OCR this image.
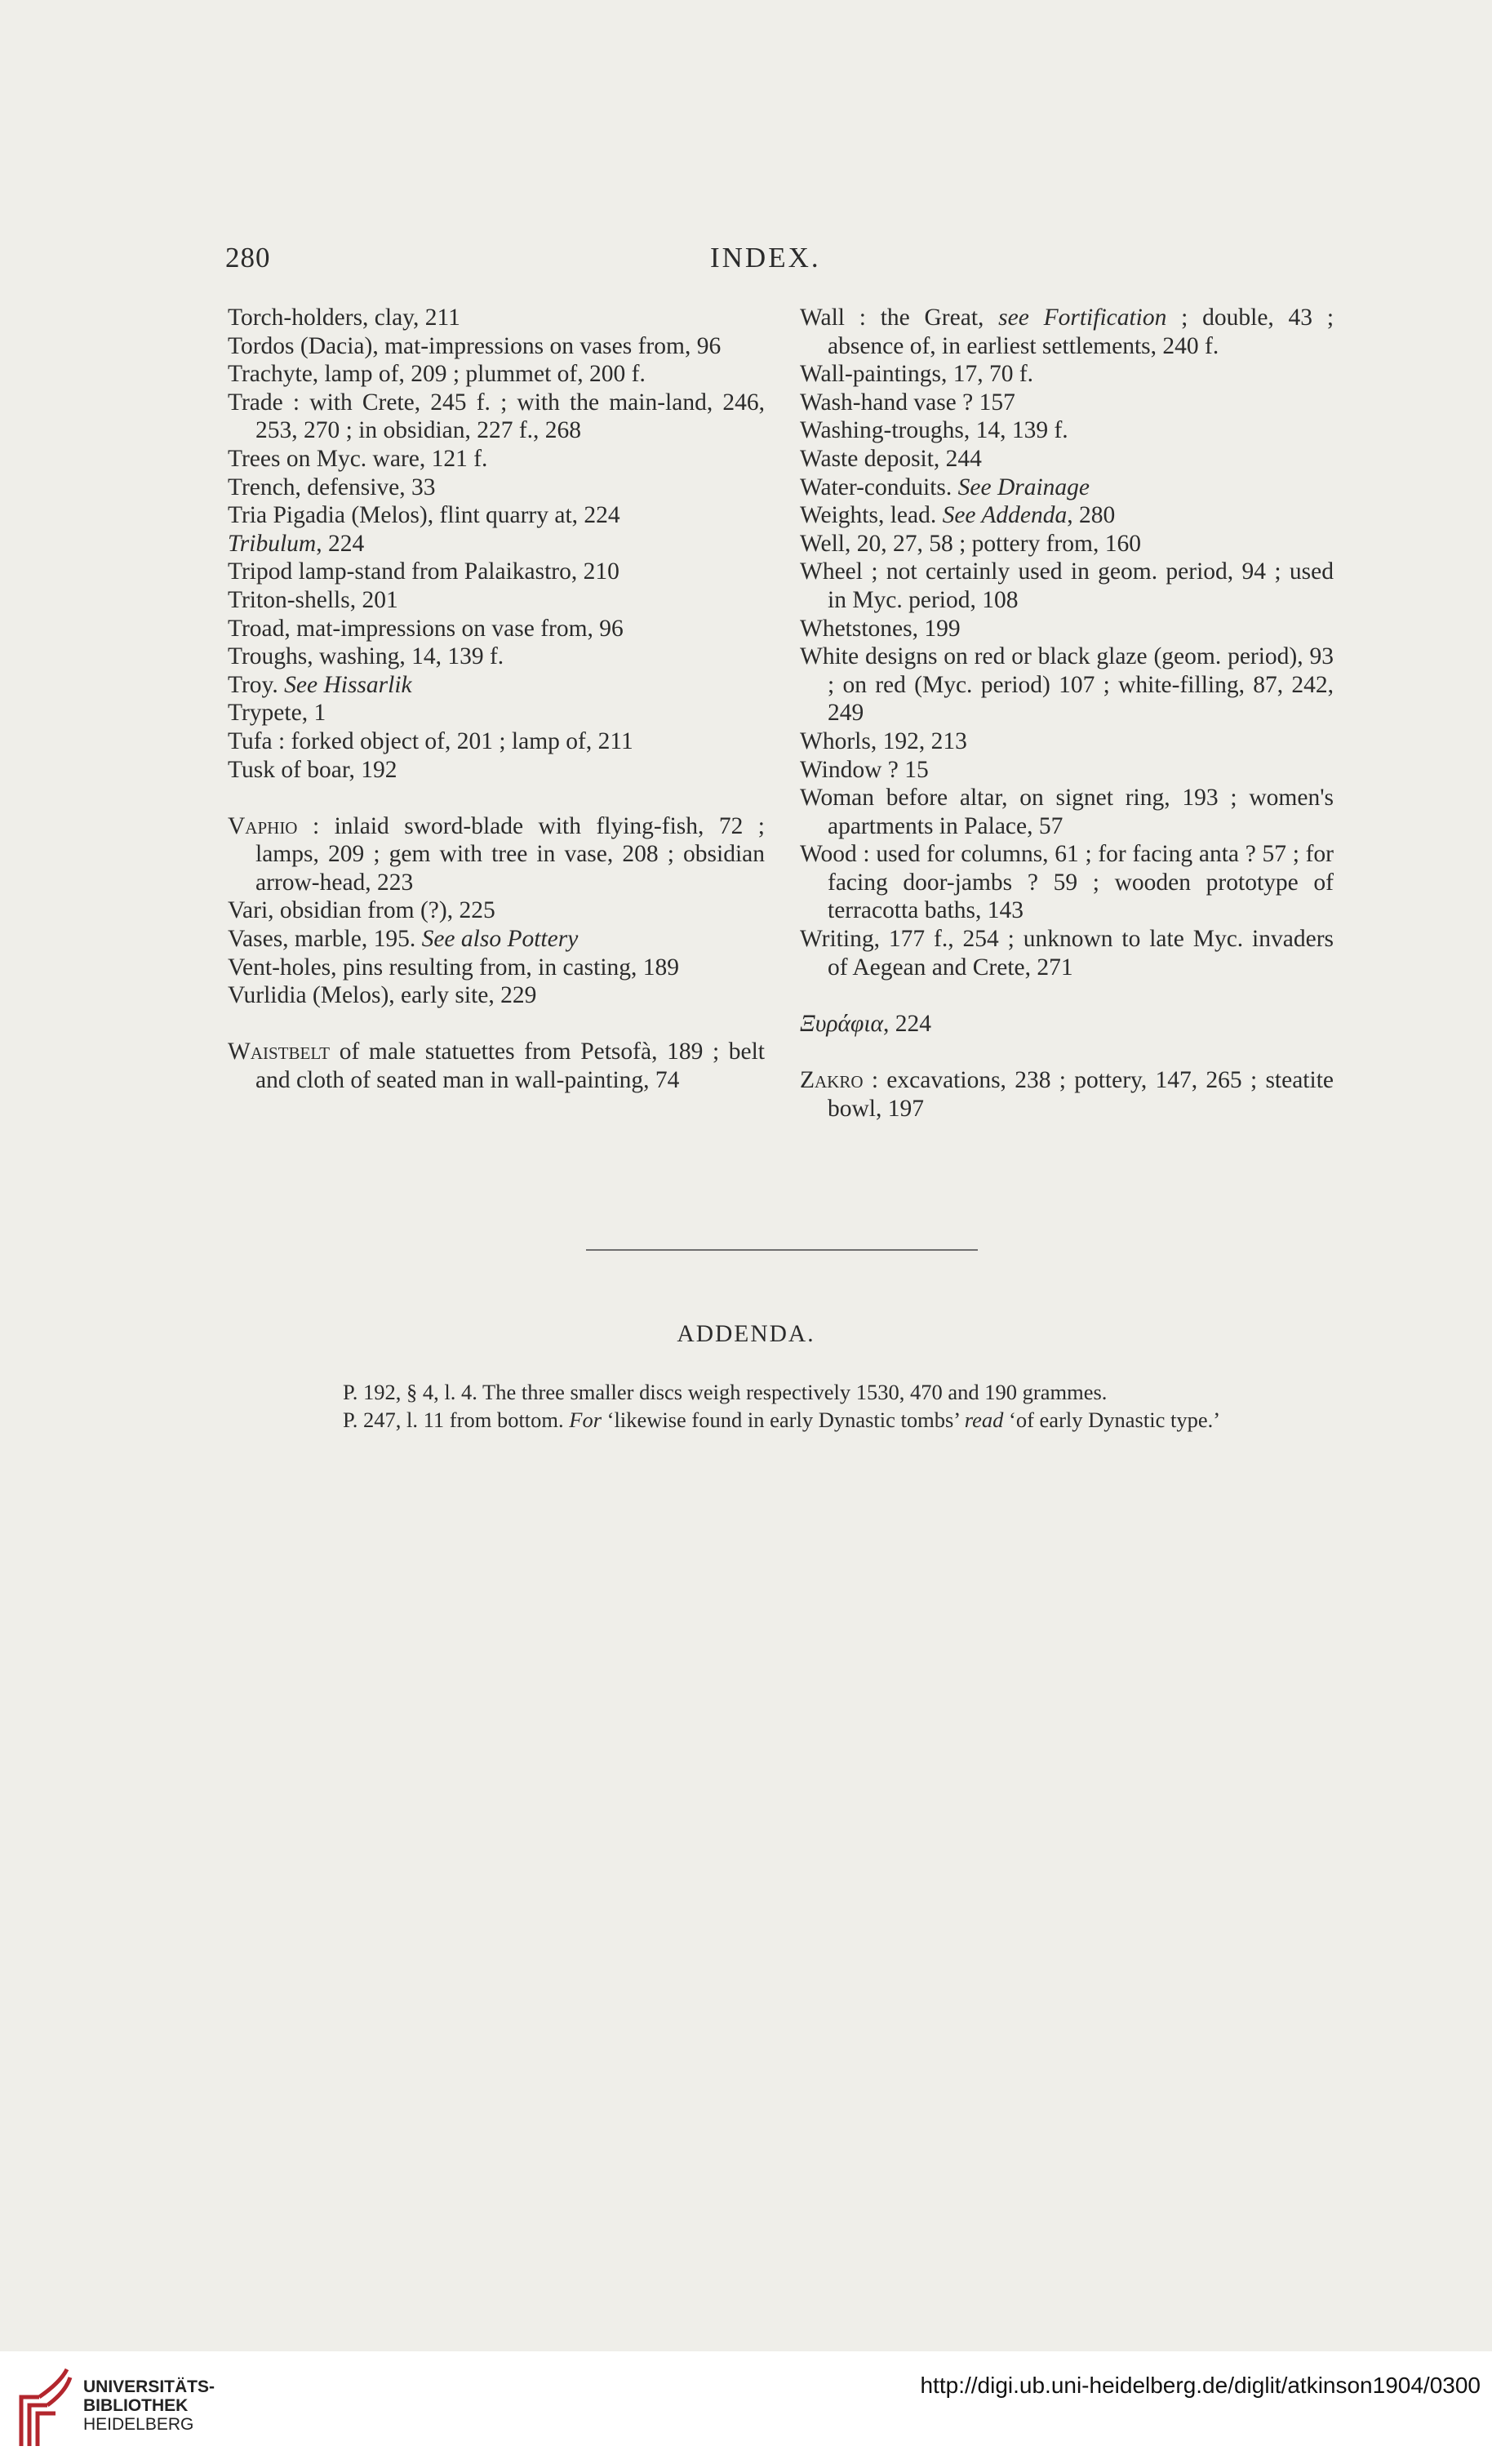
280	INDEX.
Torch-holders, clay, 211
Tordos (Dacia), mat-impressions on vases from, 96
Trachyte, lamp of, 209 ; plummet of, 200 f.
Trade : with Crete, 245 f. ; with the main-land, 246, 253, 270 ; in obsidian, 227 f., 268
Trees on Myc. ware, 121 f.
Trench, defensive, 33
Tria Pigadia (Melos), flint quarry at, 224
Tribulum, 224
Tripod lamp-stand from Palaikastro, 210
Triton-shells, 201
Troad, mat-impressions on vase from, 96
Troughs, washing, 14, 139 f.
Troy. See Hissarlik
Trypete, 1
Tufa : forked object of, 201 ; lamp of, 211
Tusk of boar, 192
Vaphio : inlaid sword-blade with flying-fish, 72 ; lamps, 209 ; gem with tree in vase, 208 ; obsidian arrow-head, 223
Vari, obsidian from (?), 225
Vases, marble, 195. See also Pottery
Vent-holes, pins resulting from, in casting, 189
Vurlidia (Melos), early site, 229
Waistbelt of male statuettes from Petsofà, 189 ; belt and cloth of seated man in wall-painting, 74
Wall : the Great, see Fortification ; double, 43 ; absence of, in earliest settlements, 240 f.
Wall-paintings, 17, 70 f.
Wash-hand vase ? 157
Washing-troughs, 14, 139 f.
Waste deposit, 244
Water-conduits. See Drainage
Weights, lead. See Addenda, 280
Well, 20, 27, 58 ; pottery from, 160
Wheel ; not certainly used in geom. period, 94 ; used in Myc. period, 108
Whetstones, 199
White designs on red or black glaze (geom. period), 93 ; on red (Myc. period) 107 ; white-filling, 87, 242, 249
Whorls, 192, 213
Window ? 15
Woman before altar, on signet ring, 193 ; women's apartments in Palace, 57
Wood : used for columns, 61 ; for facing anta ? 57 ; for facing door-jambs ? 59 ; wooden prototype of terracotta baths, 143
Writing, 177 f., 254 ; unknown to late Myc. invaders of Aegean and Crete, 271
Ξυράφια, 224
Zakro : excavations, 238 ; pottery, 147, 265 ; steatite bowl, 197
ADDENDA.
P. 192, § 4, l. 4. The three smaller discs weigh respectively 1530, 470 and 190 grammes.
P. 247, l. 11 from bottom. For ‘likewise found in early Dynastic tombs’ read ‘of early Dynastic type.’
UNIVERSITÄTS-
BIBLIOTHEK
HEIDELBERG
http://digi.ub.uni-heidelberg.de/diglit/atkinson1904/0300
